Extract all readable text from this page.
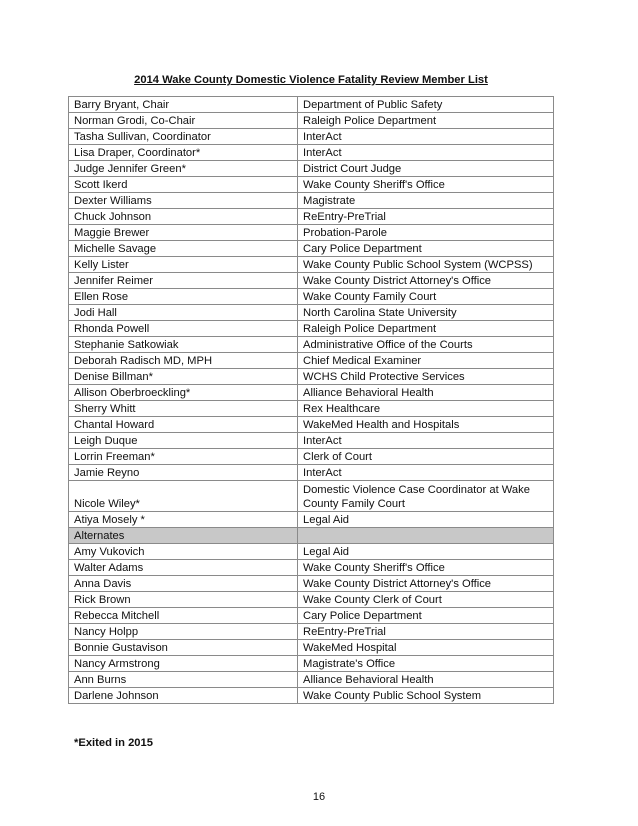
2014 Wake County Domestic Violence Fatality Review Member List
Barry Bryant, Chair	Department of Public Safety
Norman Grodi, Co-Chair	Raleigh Police Department
Tasha Sullivan, Coordinator	InterAct
Lisa Draper, Coordinator*	InterAct
Judge Jennifer Green*	District Court Judge
Scott Ikerd	Wake County Sheriff's Office
Dexter Williams	Magistrate
Chuck Johnson	ReEntry-PreTrial
Maggie Brewer	Probation-Parole
Michelle Savage	Cary Police Department
Kelly Lister	Wake County Public School System (WCPSS)
Jennifer Reimer	Wake County District Attorney's Office
Ellen Rose	Wake County Family Court
Jodi Hall	North Carolina State University
Rhonda Powell	Raleigh Police Department
Stephanie Satkowiak	Administrative Office of the Courts
Deborah Radisch MD, MPH	Chief Medical Examiner
Denise Billman*	WCHS Child Protective Services
Allison Oberbroeckling*	Alliance Behavioral Health
Sherry Whitt	Rex Healthcare
Chantal Howard	WakeMed Health and Hospitals
Leigh Duque	InterAct
Lorrin Freeman*	Clerk of Court
Jamie Reyno	InterAct
Nicole Wiley*	Domestic Violence Case Coordinator at Wake County Family Court
Atiya Mosely *	Legal Aid
Alternates	
Amy Vukovich	Legal Aid
Walter Adams	Wake County Sheriff's Office
Anna Davis	Wake County District Attorney's Office
Rick Brown	Wake County Clerk of Court
Rebecca Mitchell	Cary Police Department
Nancy Holpp	ReEntry-PreTrial
Bonnie Gustavison	WakeMed Hospital
Nancy Armstrong	Magistrate's Office
Ann Burns	Alliance Behavioral Health
Darlene Johnson	Wake County Public School System
*Exited in 2015
16
